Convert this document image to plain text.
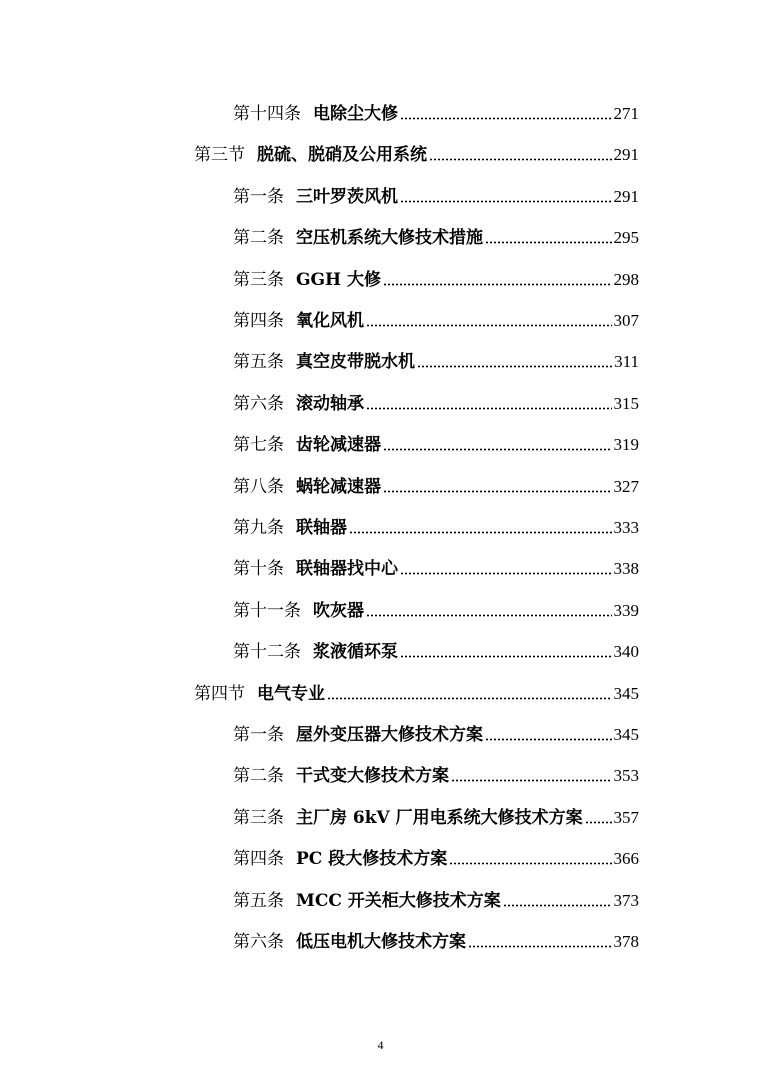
第十四条 电除尘大修	271
第三节 脱硫、脱硝及公用系统	291
第一条 三叶罗茨风机	291
第二条 空压机系统大修技术措施	295
第三条 GGH 大修	298
第四条 氧化风机	307
第五条 真空皮带脱水机	311
第六条 滚动轴承	315
第七条 齿轮减速器	319
第八条 蜗轮减速器	327
第九条 联轴器	333
第十条 联轴器找中心	338
第十一条 吹灰器	339
第十二条 浆液循环泵	340
第四节 电气专业	345
第一条 屋外变压器大修技术方案	345
第二条 干式变大修技术方案	353
第三条 主厂房 6kV 厂用电系统大修技术方案 357
第四条 PC 段大修技术方案	366
第五条 MCC 开关柜大修技术方案	373
第六条 低压电机大修技术方案	378
4
